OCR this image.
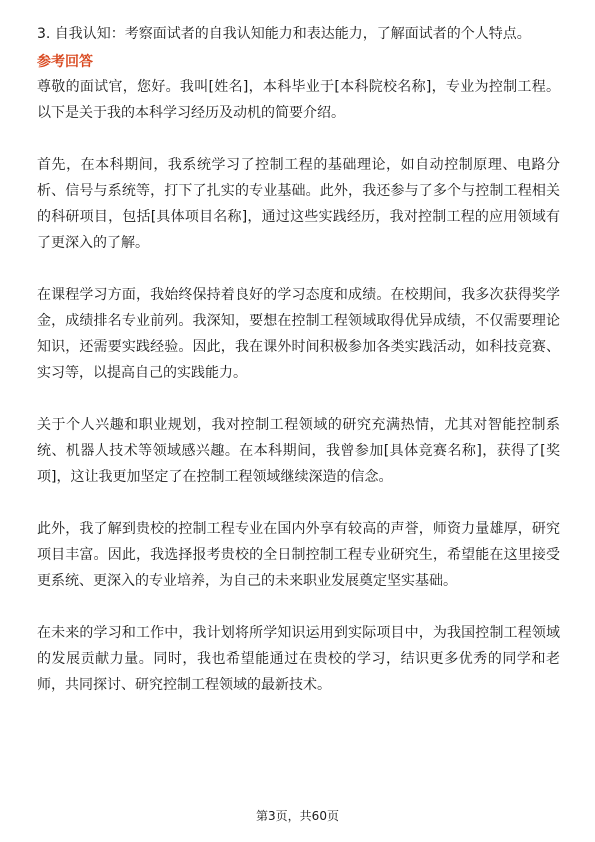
3. 自我认知：考察面试者的自我认知能力和表达能力，了解面试者的个人特点。

参考回答

尊敬的面试官，您好。我叫[姓名]，本科毕业于[本科院校名称]，专业为控制工程。以下是关于我的本科学习经历及动机的简要介绍。

首先，在本科期间，我系统学习了控制工程的基础理论，如自动控制原理、电路分析、信号与系统等，打下了扎实的专业基础。此外，我还参与了多个与控制工程相关的科研项目，包括[具体项目名称]，通过这些实践经历，我对控制工程的应用领域有了更深入的了解。

在课程学习方面，我始终保持着良好的学习态度和成绩。在校期间，我多次获得奖学金，成绩排名专业前列。我深知，要想在控制工程领域取得优异成绩，不仅需要理论知识，还需要实践经验。因此，我在课外时间积极参加各类实践活动，如科技竞赛、实习等，以提高自己的实践能力。

关于个人兴趣和职业规划，我对控制工程领域的研究充满热情，尤其对智能控制系统、机器人技术等领域感兴趣。在本科期间，我曾参加[具体竞赛名称]，获得了[奖项]，这让我更加坚定了在控制工程领域继续深造的信念。

此外，我了解到贵校的控制工程专业在国内外享有较高的声誉，师资力量雄厚，研究项目丰富。因此，我选择报考贵校的全日制控制工程专业研究生，希望能在这里接受更系统、更深入的专业培养，为自己的未来职业发展奠定坚实基础。

在未来的学习和工作中，我计划将所学知识运用到实际项目中，为我国控制工程领域的发展贡献力量。同时，我也希望能通过在贵校的学习，结识更多优秀的同学和老师，共同探讨、研究控制工程领域的最新技术。

第3页，共60页
